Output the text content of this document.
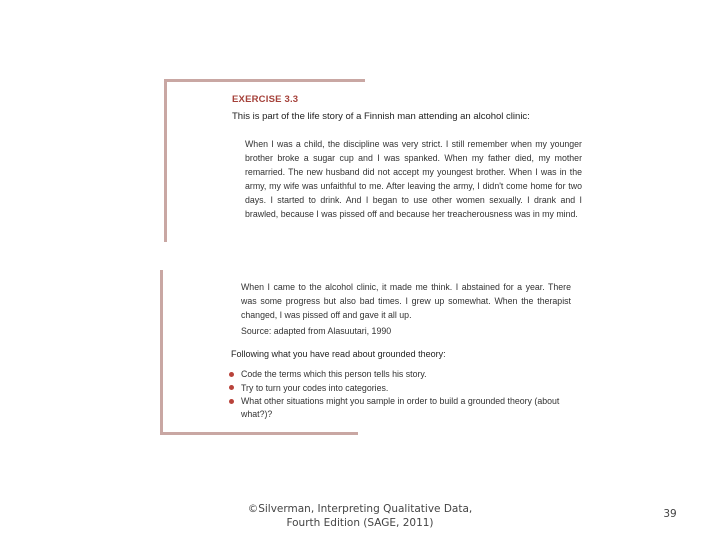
EXERCISE 3.3
This is part of the life story of a Finnish man attending an alcohol clinic:
When I was a child, the discipline was very strict. I still remember when my younger brother broke a sugar cup and I was spanked. When my father died, my mother remarried. The new husband did not accept my youngest brother. When I was in the army, my wife was unfaithful to me. After leaving the army, I didn't come home for two days. I started to drink. And I began to use other women sexually. I drank and I brawled, because I was pissed off and because her treacherousness was in my mind.
When I came to the alcohol clinic, it made me think. I abstained for a year. There was some progress but also bad times. I grew up somewhat. When the therapist changed, I was pissed off and gave it all up.
Source: adapted from Alasuutari, 1990
Following what you have read about grounded theory:
Code the terms which this person tells his story.
Try to turn your codes into categories.
What other situations might you sample in order to build a grounded theory (about what?)?
©Silverman, Interpreting Qualitative Data,
Fourth Edition (SAGE, 2011)
39
